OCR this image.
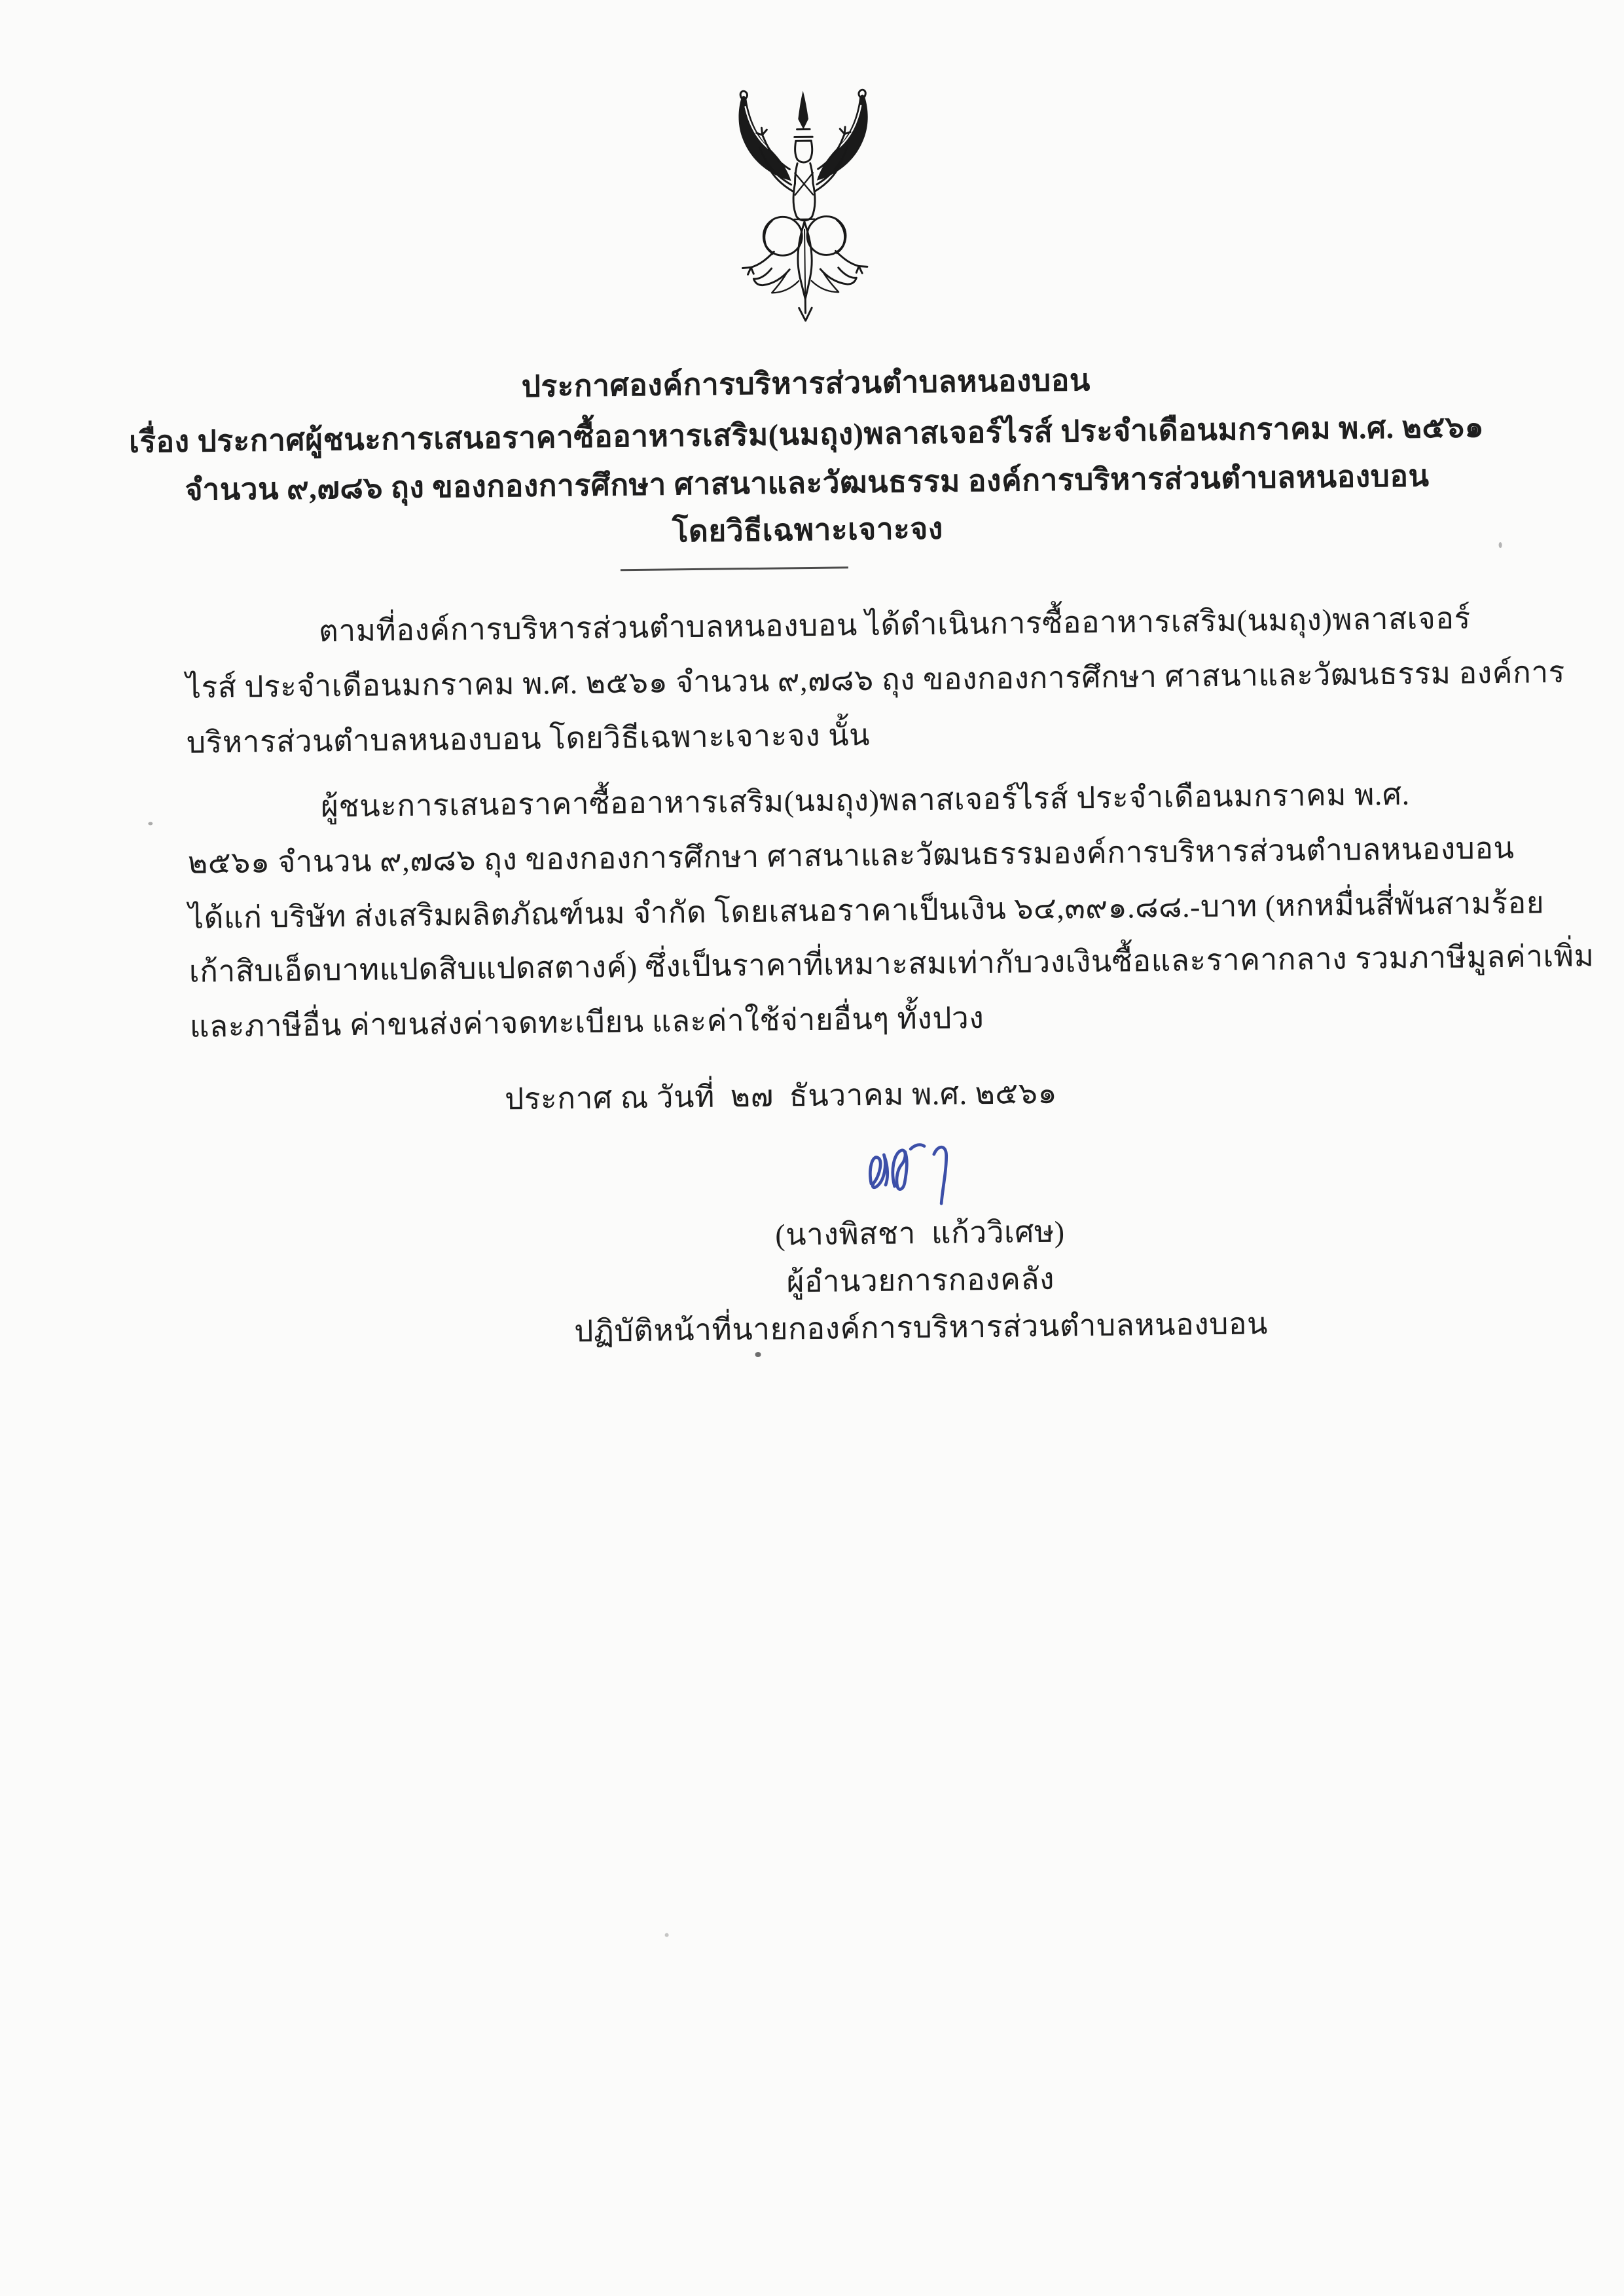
ประกาศองค์การบริหารส่วนตำบลหนองบอน
เรื่อง ประกาศผู้ชนะการเสนอราคาซื้ออาหารเสริม(นมถุง)พลาสเจอร์ไรส์ ประจำเดือนมกราคม พ.ศ. ๒๕๖๑
จำนวน ๙,๗๘๖ ถุง ของกองการศึกษา ศาสนาและวัฒนธรรม องค์การบริหารส่วนตำบลหนองบอน
โดยวิธีเฉพาะเจาะจง
ตามที่องค์การบริหารส่วนตำบลหนองบอน ได้ดำเนินการซื้ออาหารเสริม(นมถุง)พลาสเจอร์
ไรส์ ประจำเดือนมกราคม พ.ศ. ๒๕๖๑ จำนวน ๙,๗๘๖ ถุง ของกองการศึกษา ศาสนาและวัฒนธรรม องค์การ
บริหารส่วนตำบลหนองบอน โดยวิธีเฉพาะเจาะจง นั้น
ผู้ชนะการเสนอราคาซื้ออาหารเสริม(นมถุง)พลาสเจอร์ไรส์ ประจำเดือนมกราคม พ.ศ.
๒๕๖๑ จำนวน ๙,๗๘๖ ถุง ของกองการศึกษา ศาสนาและวัฒนธรรมองค์การบริหารส่วนตำบลหนองบอน
ได้แก่ บริษัท ส่งเสริมผลิตภัณฑ์นม จำกัด โดยเสนอราคาเป็นเงิน ๖๔,๓๙๑.๘๘.-บาท (หกหมื่นสี่พันสามร้อย
เก้าสิบเอ็ดบาทแปดสิบแปดสตางค์) ซึ่งเป็นราคาที่เหมาะสมเท่ากับวงเงินซื้อและราคากลาง รวมภาษีมูลค่าเพิ่ม
และภาษีอื่น ค่าขนส่งค่าจดทะเบียน และค่าใช้จ่ายอื่นๆ ทั้งปวง
ประกาศ ณ วันที่  ๒๗  ธันวาคม พ.ศ. ๒๕๖๑
(นางพิสชา  แก้ววิเศษ)
ผู้อำนวยการกองคลัง
ปฏิบัติหน้าที่นายกองค์การบริหารส่วนตำบลหนองบอน
